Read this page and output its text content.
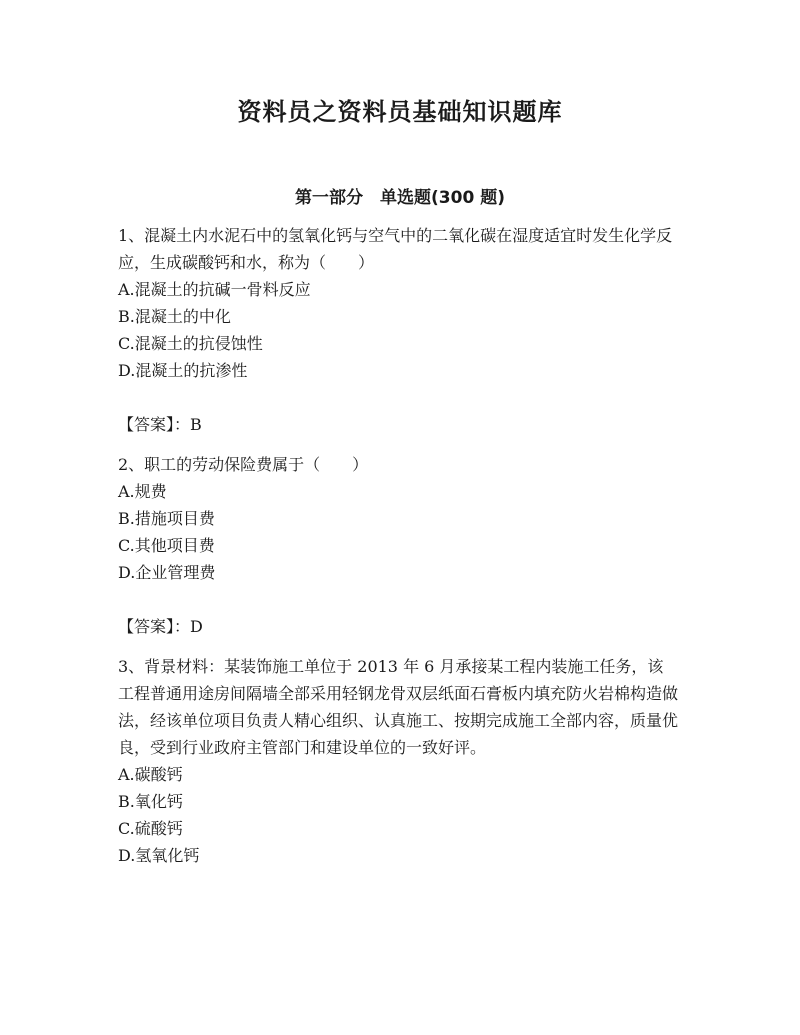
资料员之资料员基础知识题库
第一部分　单选题(300 题)

1、混凝土内水泥石中的氢氧化钙与空气中的二氧化碳在湿度适宜时发生化学反应，生成碳酸钙和水，称为（　　）

A.混凝土的抗碱一骨料反应

B.混凝土的中化

C.混凝土的抗侵蚀性

D.混凝土的抗渗性

【答案】：B

2、职工的劳动保险费属于（　　）

A.规费

B.措施项目费

C.其他项目费

D.企业管理费

【答案】：D

3、背景材料：某装饰施工单位于 2013 年 6 月承接某工程内装施工任务，该工程普通用途房间隔墙全部采用轻钢龙骨双层纸面石膏板内填充防火岩棉构造做法，经该单位项目负责人精心组织、认真施工、按期完成施工全部内容，质量优良，受到行业政府主管部门和建设单位的一致好评。

A.碳酸钙

B.氧化钙

C.硫酸钙

D.氢氧化钙
